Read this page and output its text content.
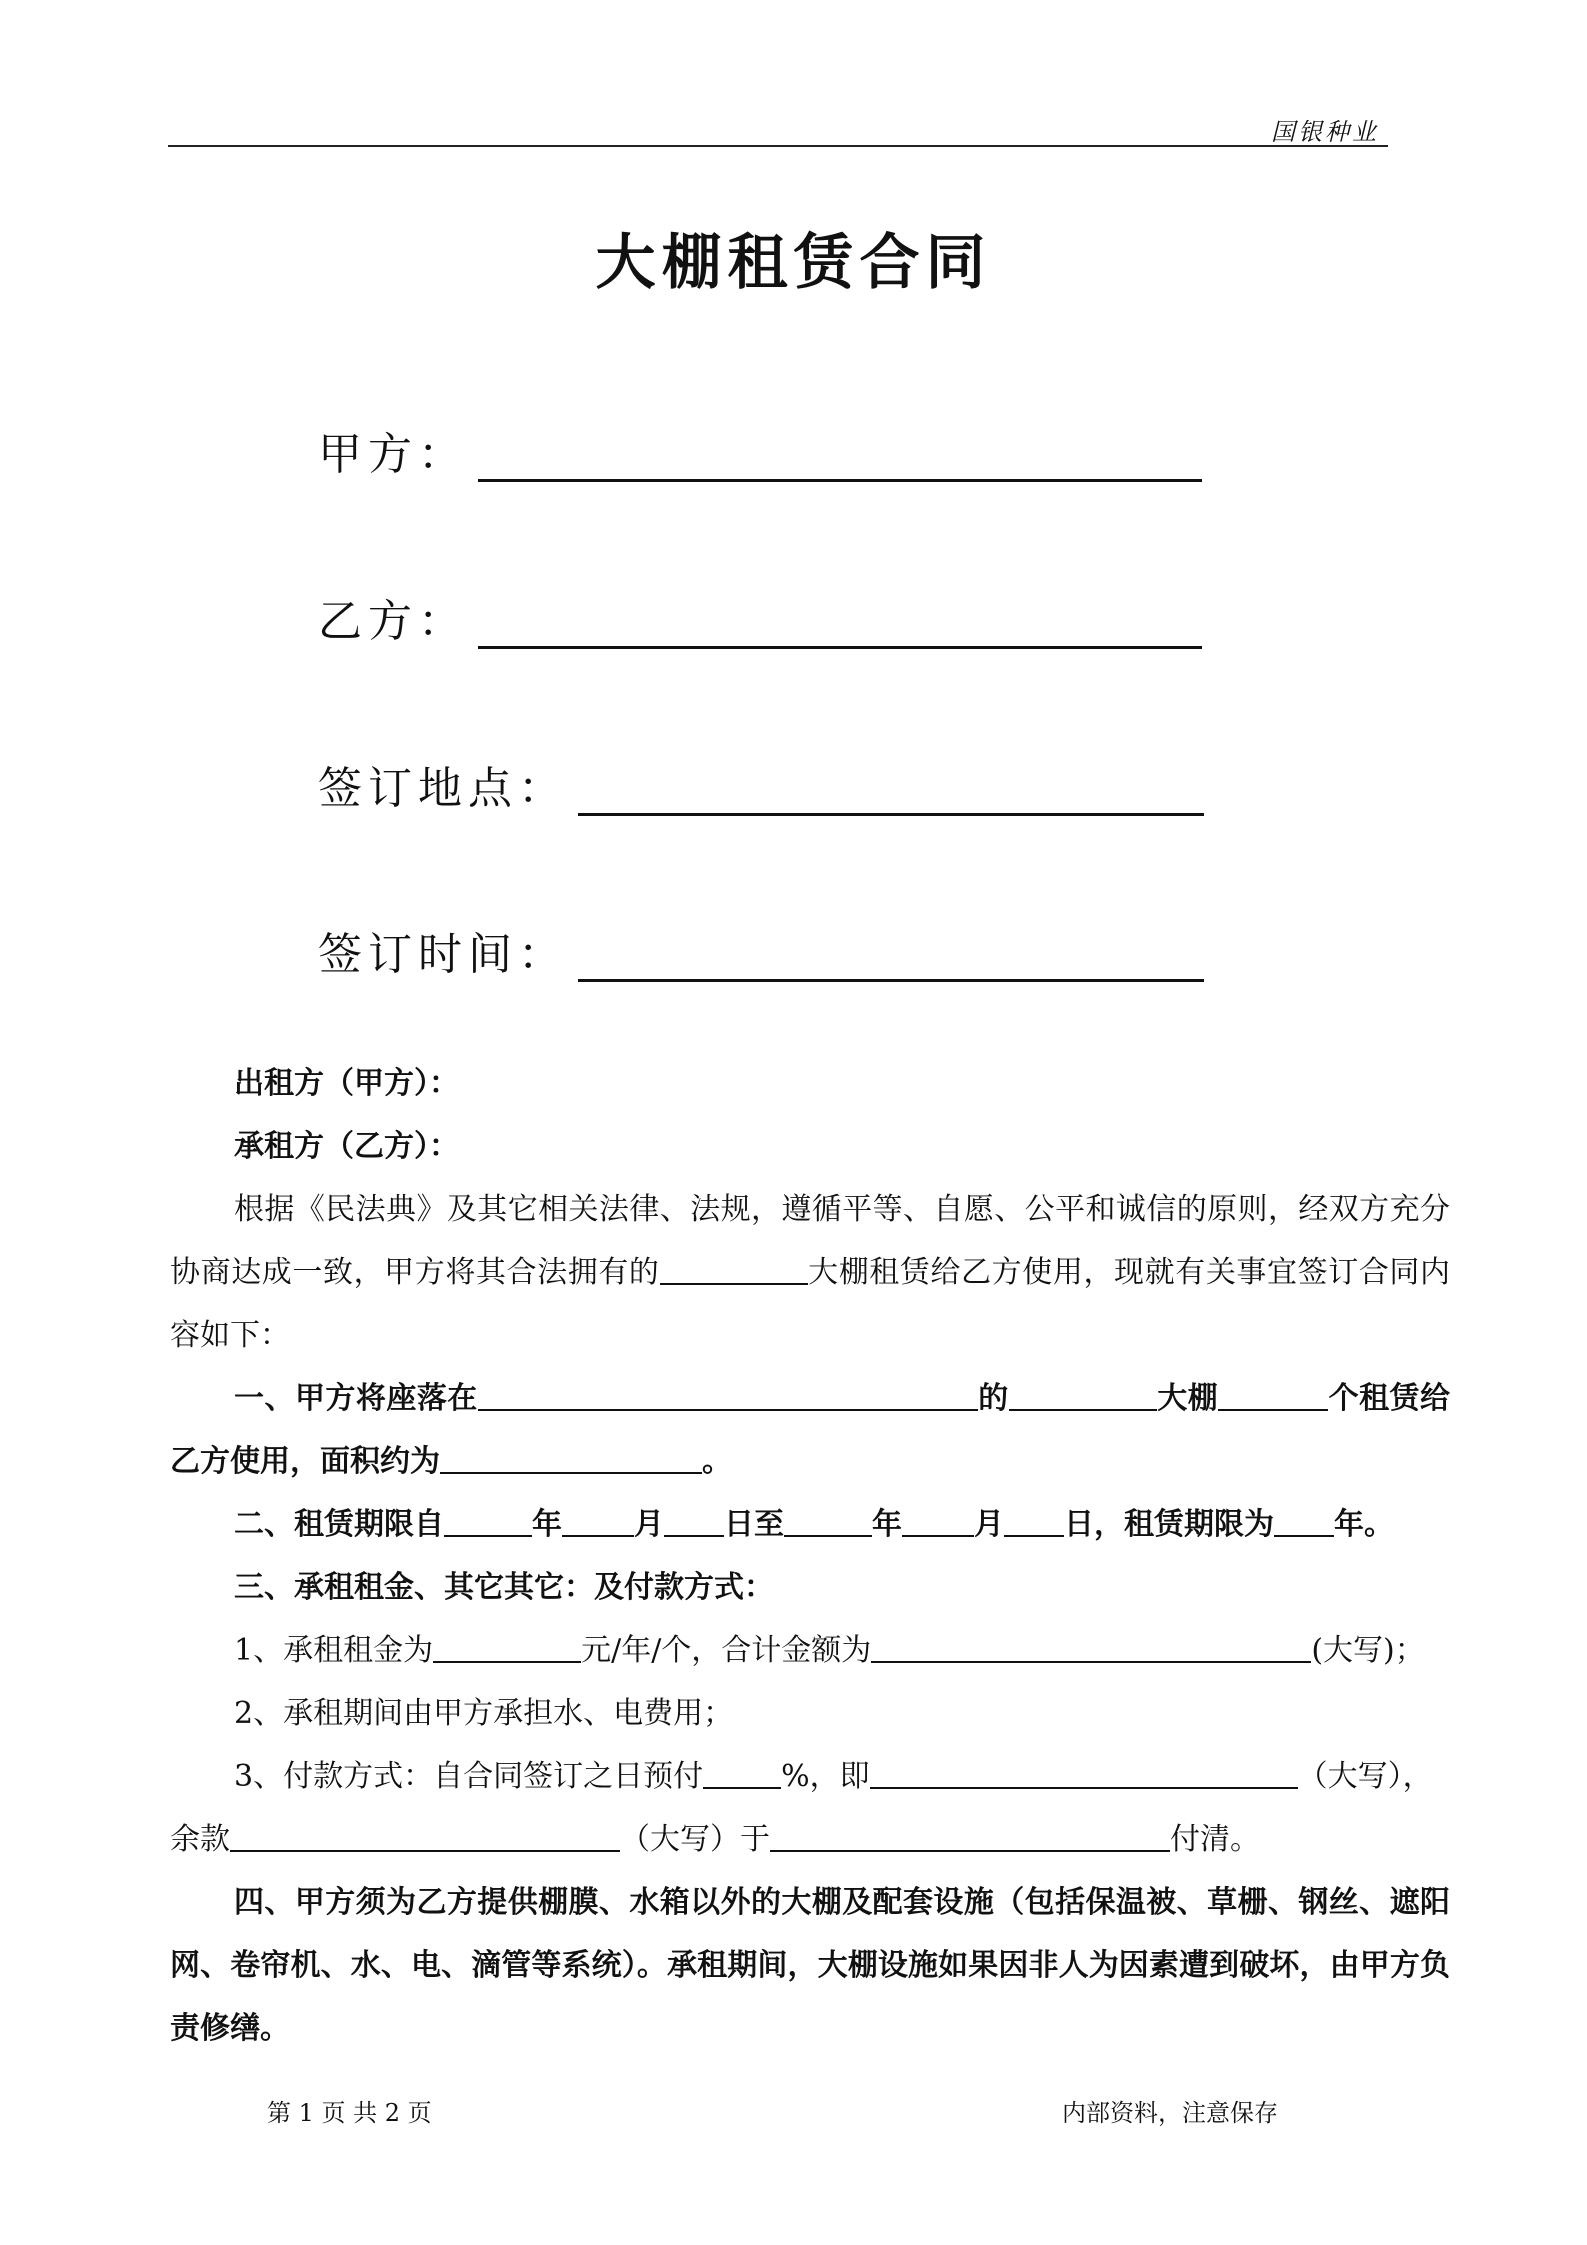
国银种业
大棚租赁合同
甲方：
乙方：
签订地点：
签订时间：

出租方（甲方）：

承租方（乙方）：

根据《民法典》及其它相关法律、法规，遵循平等、自愿、公平和诚信的原则，经双方充分协商达成一致，甲方将其合法拥有的	大棚租赁给乙方使用，现就有关事宜签订合同内容如下：

一、甲方将座落在	的	大棚	个租赁给乙方使用，面积约为	。

二、租赁期限自	年 月 日至	年 月 日，租赁期限为 年。

三、承租租金、其它其它：及付款方式：

1、承租租金为	元/年/个，合计金额为	(大写)；

2、承租期间由甲方承担水、电费用；

3、付款方式：自合同签订之日预付	%，即	（大写），

余款	（大写）于	付清。

四、甲方须为乙方提供棚膜、水箱以外的大棚及配套设施（包括保温被、草栅、钢丝、遮阳网、卷帘机、水、电、滴管等系统）。承租期间，大棚设施如果因非人为因素遭到破坏，由甲方负责修缮。

第 1 页 共 2 页	内部资料，注意保存
